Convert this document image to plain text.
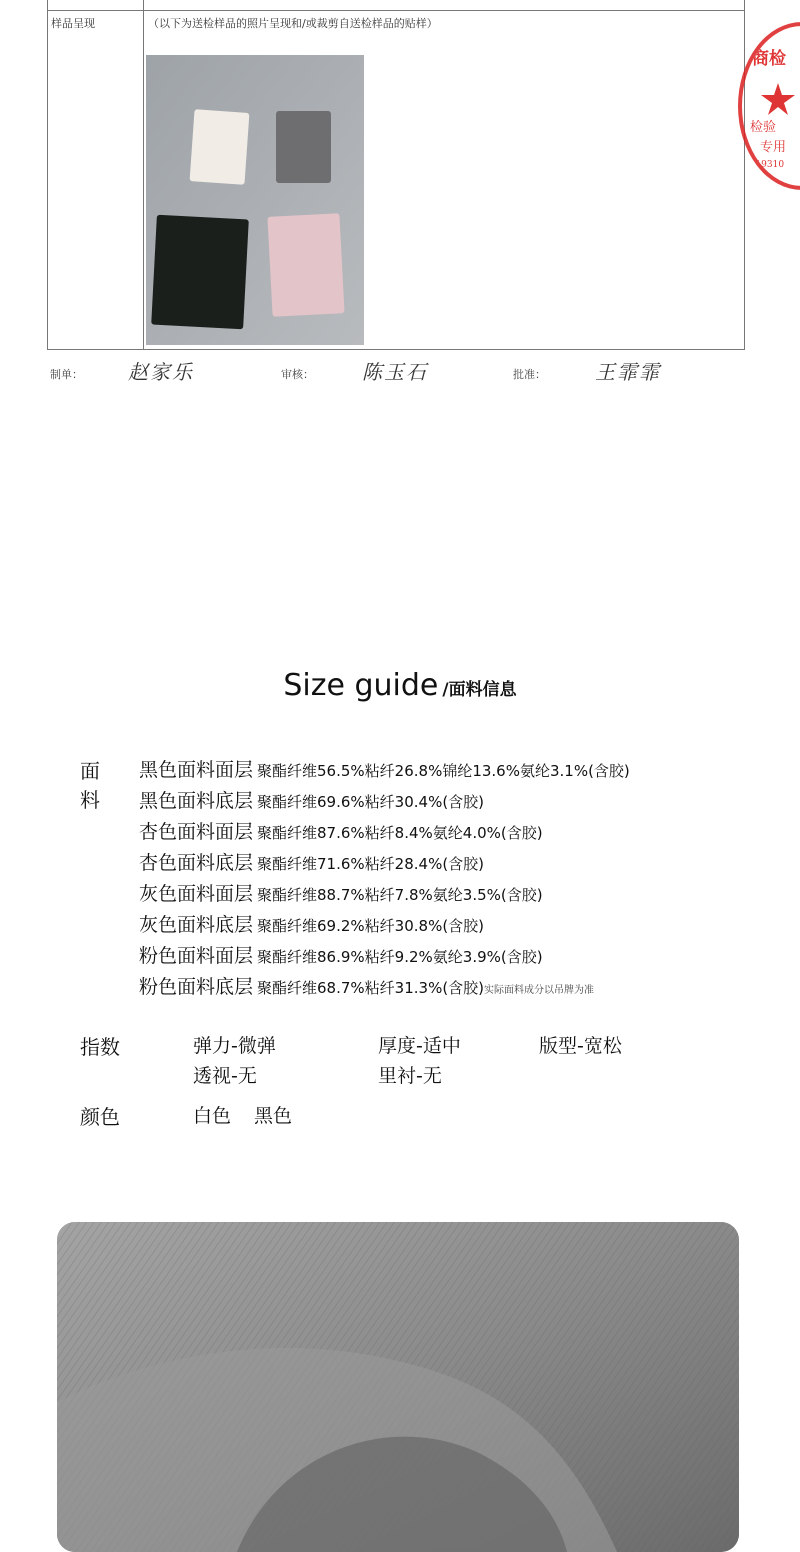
样品呈现	（以下为送检样品的照片呈现和/或裁剪自送检样品的贴样）
商检
检验
专用
3019310
制单： 赵家乐	审核： 陈玉石	批准： 王霏霏
Size guide /面料信息
面料
黑色面料面层 聚酯纤维56.5%粘纤26.8%锦纶13.6%氨纶3.1%(含胶)
黑色面料底层 聚酯纤维69.6%粘纤30.4%(含胶)
杏色面料面层 聚酯纤维87.6%粘纤8.4%氨纶4.0%(含胶)
杏色面料底层 聚酯纤维71.6%粘纤28.4%(含胶)
灰色面料面层 聚酯纤维88.7%粘纤7.8%氨纶3.5%(含胶)
灰色面料底层 聚酯纤维69.2%粘纤30.8%(含胶)
粉色面料面层 聚酯纤维86.9%粘纤9.2%氨纶3.9%(含胶)
粉色面料底层 聚酯纤维68.7%粘纤31.3%(含胶)实际面料成分以吊牌为准
指数	弹力-微弹	厚度-适中	版型-宽松
透视-无	里衬-无
颜色	白色 黑色
